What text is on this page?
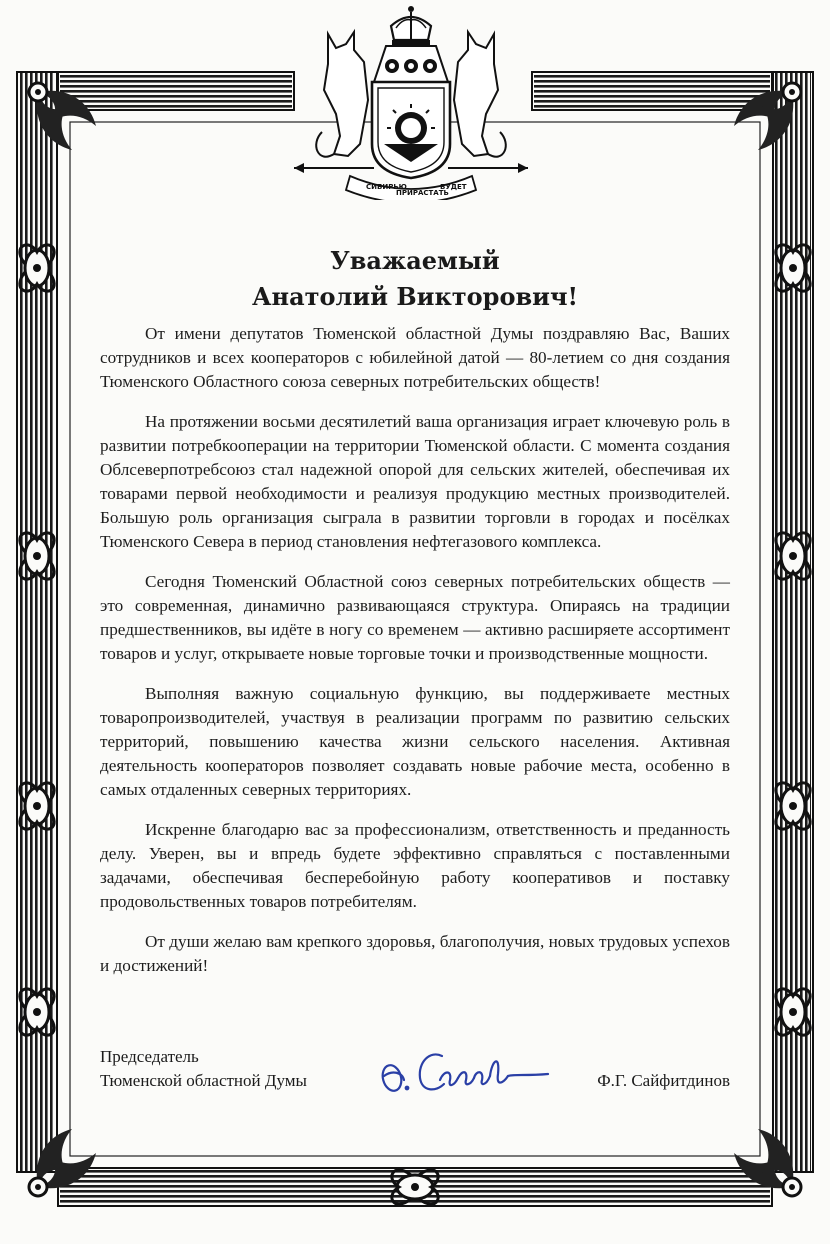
СИБИРЬЮ
ПРИРАСТАТЬ
БУДЕТ
Уважаемый
Анатолий Викторович!

От имени депутатов Тюменской областной Думы поздравляю Вас, Ваших сотрудников и всех кооператоров с юбилейной датой — 80-летием со дня создания Тюменского Областного союза северных потребительских обществ!

На протяжении восьми десятилетий ваша организация играет ключевую роль в развитии потребкооперации на территории Тюменской области. С момента создания Облсеверпотребсоюз стал надежной опорой для сельских жителей, обеспечивая их товарами первой необходимости и реализуя продукцию местных производителей. Большую роль организация сыграла в развитии торговли в городах и посёлках Тюменского Севера в период становления нефтегазового комплекса.

Сегодня Тюменский Областной союз северных потребительских обществ — это современная, динамично развивающаяся структура. Опираясь на традиции предшественников, вы идёте в ногу со временем — активно расширяете ассортимент товаров и услуг, открываете новые торговые точки и производственные мощности.

Выполняя важную социальную функцию, вы поддерживаете местных товаропроизводителей, участвуя в реализации программ по развитию сельских территорий, повышению качества жизни сельского населения. Активная деятельность кооператоров позволяет создавать новые рабочие места, особенно в самых отдаленных северных территориях.

Искренне благодарю вас за профессионализм, ответственность и преданность делу. Уверен, вы и впредь будете эффективно справляться с поставленными задачами, обеспечивая бесперебойную работу кооперативов и поставку продовольственных товаров потребителям.

От души желаю вам крепкого здоровья, благополучия, новых трудовых успехов и достижений!

Председатель
Тюменской областной Думы	Ф.Г. Сайфитдинов
